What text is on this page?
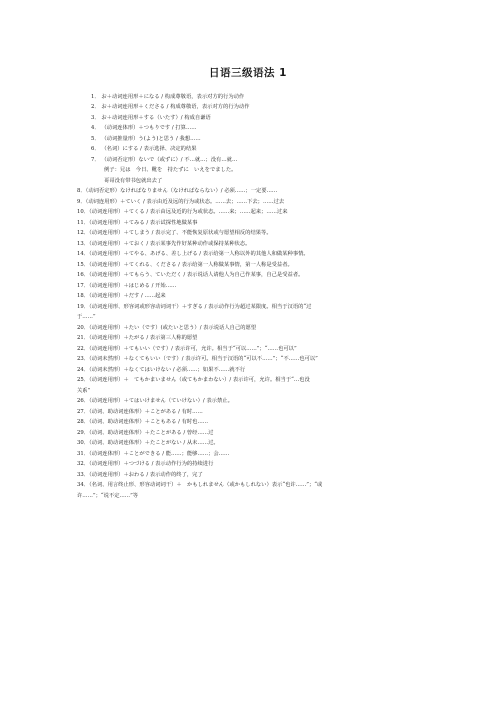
日语三级语法 1
1． お＋动词连用形＋になる / 构成尊敬语，表示对方的行为动作
2． お＋动词连用形＋くださる / 构成尊敬语，表示对方的行为动作
3． お＋动词连用形＋する（いたす）/ 构成自谦语
4． （动词连体形）＋つもりです / 打算……
5． （动词推量形）う(よう)と思う / 我想……
6． （名词）にする / 表示选择、决定的结果
7． （动词否定形）ないで（或ずに）/ 不…就…；没有…就…
例子：兄は　今日、靴を　持たずに　いえをでました。
哥哥没有带书包就出去了
8．（动词否定形）なければなりません（なければならない）/ 必须……；一定要……
9．（动词连用形）＋ていく / 表示由近及远的行为或状态。……去；……下去；……过去
10．（动词连用形）＋てくる / 表示由远及近的行为或状态。……来；……起来；……过来
11．（动词连用形）＋てみる / 表示试探性地做某事
12．（动词连用形）＋てしまう / 表示完了、不能恢复原状或与愿望相反的结果等。
13．（动词连用形）＋ておく / 表示某事先作好某种动作或保持某种状态。
14．（动词连用形）＋てやる、あげる、差し上げる / 表示给第一人称以外的其他人和做某种事情。
15．（动词连用形）＋てくれる、くださる / 表示给第一人称做某事情，第一人称是受益者。
16．（动词连用形）＋てもらう、ていただく / 表示说话人请他人为自己作某事，自己是受益者。
17．（动词连用形）＋はじめる / 开始……
18．（动词连用形）＋だす / ……起来
19．（动词连用形、形容词或形容动词词干）＋すぎる / 表示动作行为超过某限度。相当于汉语的“过
于……”
20．（动词连用形）＋たい（です）(或たいと思う）/ 表示说话人自己的愿望
21．（动词连用形）＋たがる / 表示第三人称的愿望
22．（动词连用形）＋てもいい（です）/ 表示许可，允许。相当于“可以……”；“……也可以”
23．（动词未然形）＋なくてもいい（です）/ 表示许可。相当于汉语的“可以不……”；“不……也可以”
24．（动词未然形）＋なくてはいけない / 必须……；如果不……就不行
25．（动词连用形）＋　てもかまいません（或てもかまわない）/ 表示许可，允许。相当于“…也没
关系”
26．（动词连用形）＋てはいけません（ていけない）/ 表示禁止。
27．（动词、助动词连体形）＋ことがある / 有时……
28．（动词、助动词连体形）＋こともある / 有时也……
29．（动词、助动词连体形）＋たことがある / 曾经……过
30．（动词、助动词连体形）＋たことがない / 从未……过。
31．（动词连体形）＋ことができる / 能……；能够……；会……
32．（动词连用形）＋つづける / 表示动作行为的持续进行
33．（动词连用形）＋おわる / 表示动作的终了，完了
34．（名词、用言终止形、形容动词词干）＋　かもしれません（或かもしれない）表示“也许……”；“或
许……”；“说不定……”等
